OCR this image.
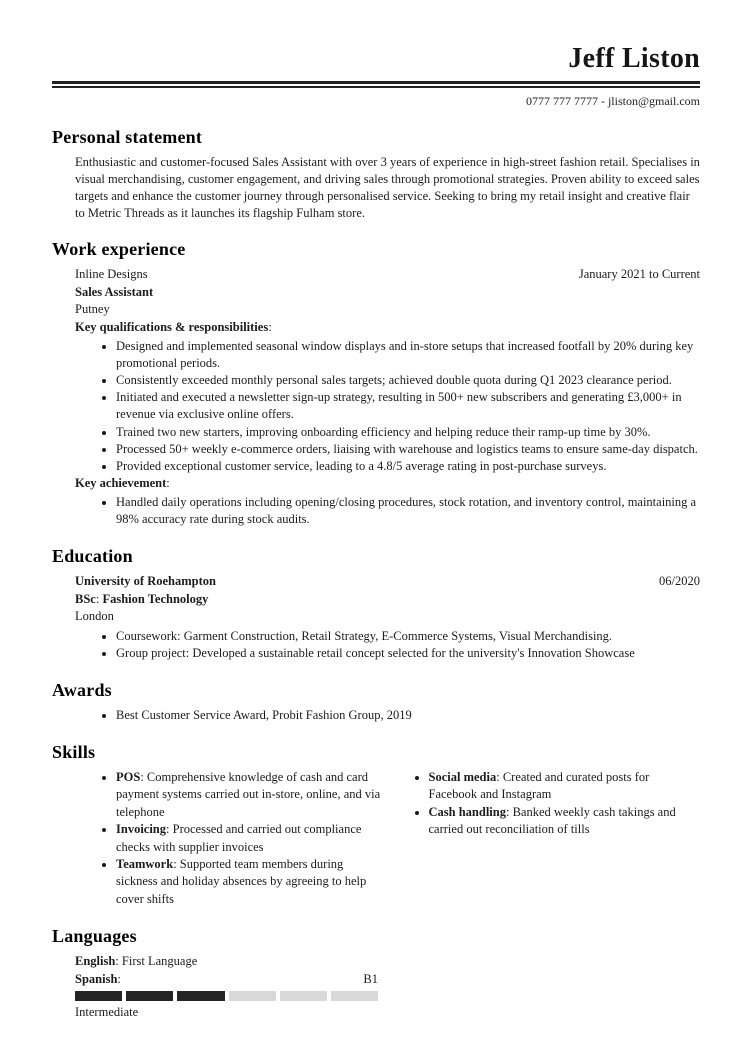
Jeff Liston
0777 777 7777 - jliston@gmail.com
Personal statement
Enthusiastic and customer-focused Sales Assistant with over 3 years of experience in high-street fashion retail. Specialises in visual merchandising, customer engagement, and driving sales through promotional strategies. Proven ability to exceed sales targets and enhance the customer journey through personalised service. Seeking to bring my retail insight and creative flair to Metric Threads as it launches its flagship Fulham store.
Work experience
Inline Designs	January 2021 to Current
Sales Assistant
Putney
Key qualifications & responsibilities:
• Designed and implemented seasonal window displays and in-store setups that increased footfall by 20% during key promotional periods.
• Consistently exceeded monthly personal sales targets; achieved double quota during Q1 2023 clearance period.
• Initiated and executed a newsletter sign-up strategy, resulting in 500+ new subscribers and generating £3,000+ in revenue via exclusive online offers.
• Trained two new starters, improving onboarding efficiency and helping reduce their ramp-up time by 30%.
• Processed 50+ weekly e-commerce orders, liaising with warehouse and logistics teams to ensure same-day dispatch.
• Provided exceptional customer service, leading to a 4.8/5 average rating in post-purchase surveys.
Key achievement:
• Handled daily operations including opening/closing procedures, stock rotation, and inventory control, maintaining a 98% accuracy rate during stock audits.
Education
University of Roehampton	06/2020
BSc: Fashion Technology
London
• Coursework: Garment Construction, Retail Strategy, E-Commerce Systems, Visual Merchandising.
• Group project: Developed a sustainable retail concept selected for the university's Innovation Showcase
Awards
• Best Customer Service Award, Probit Fashion Group, 2019
Skills
• POS: Comprehensive knowledge of cash and card payment systems carried out in-store, online, and via telephone
• Invoicing: Processed and carried out compliance checks with supplier invoices
• Teamwork: Supported team members during sickness and holiday absences by agreeing to help cover shifts
• Social media: Created and curated posts for Facebook and Instagram
• Cash handling: Banked weekly cash takings and carried out reconciliation of tills
Languages
English: First Language
Spanish:	B1
Intermediate
